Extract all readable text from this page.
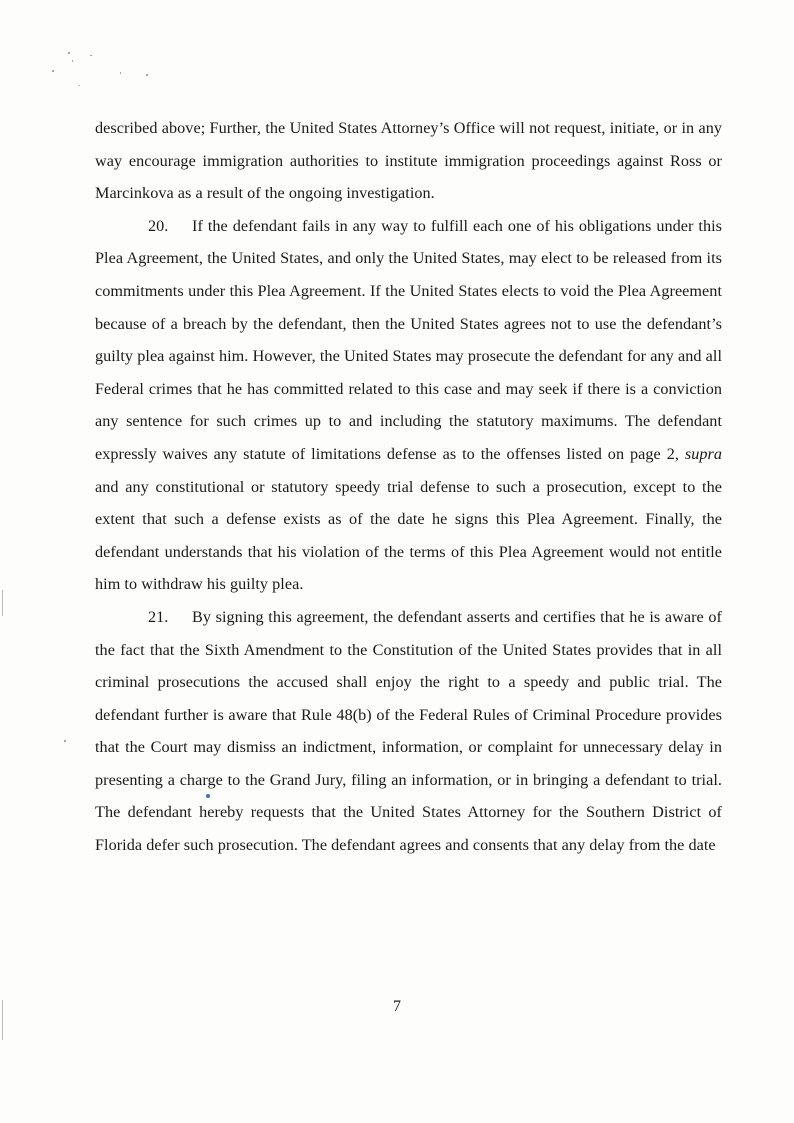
described above; Further, the United States Attorney’s Office will not request, initiate, or in any way encourage immigration authorities to institute immigration proceedings against Ross or Marcinkova as a result of the ongoing investigation.

20. If the defendant fails in any way to fulfill each one of his obligations under this Plea Agreement, the United States, and only the United States, may elect to be released from its commitments under this Plea Agreement. If the United States elects to void the Plea Agreement because of a breach by the defendant, then the United States agrees not to use the defendant’s guilty plea against him. However, the United States may prosecute the defendant for any and all Federal crimes that he has committed related to this case and may seek if there is a conviction any sentence for such crimes up to and including the statutory maximums. The defendant expressly waives any statute of limitations defense as to the offenses listed on page 2, supra and any constitutional or statutory speedy trial defense to such a prosecution, except to the extent that such a defense exists as of the date he signs this Plea Agreement. Finally, the defendant understands that his violation of the terms of this Plea Agreement would not entitle him to withdraw his guilty plea.

21. By signing this agreement, the defendant asserts and certifies that he is aware of the fact that the Sixth Amendment to the Constitution of the United States provides that in all criminal prosecutions the accused shall enjoy the right to a speedy and public trial. The defendant further is aware that Rule 48(b) of the Federal Rules of Criminal Procedure provides that the Court may dismiss an indictment, information, or complaint for unnecessary delay in presenting a charge to the Grand Jury, filing an information, or in bringing a defendant to trial. The defendant hereby requests that the United States Attorney for the Southern District of Florida defer such prosecution. The defendant agrees and consents that any delay from the date

7
